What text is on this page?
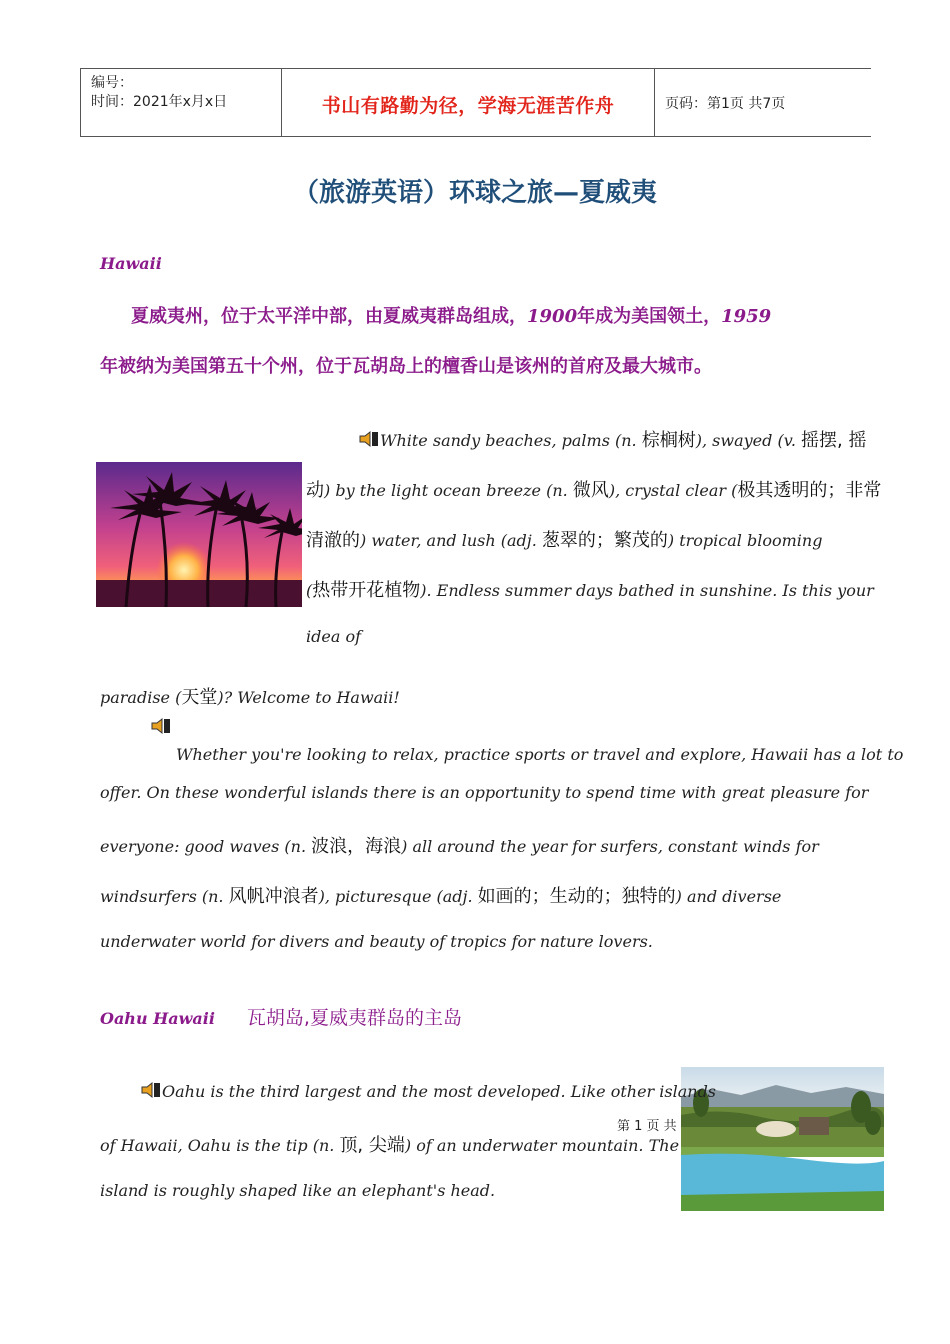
编号：
时间：2021年x月x日	书山有路勤为径，学海无涯苦作舟	页码：第1页 共7页
（旅游英语）环球之旅—夏威夷
Hawaii
夏威夷州，位于太平洋中部，由夏威夷群岛组成，1900年成为美国领土，1959
年被纳为美国第五十个州，位于瓦胡岛上的檀香山是该州的首府及最大城市。
White sandy beaches, palms (n. 棕榈树), swayed (v. 摇摆, 摇
动) by the light ocean breeze (n. 微风), crystal clear (极其透明的；非常
清澈的) water, and lush (adj. 葱翠的；繁茂的) tropical blooming
(热带开花植物). Endless summer days bathed in sunshine. Is this your
idea of
paradise (天堂)? Welcome to Hawaii!
Whether you're looking to relax, practice sports or travel and explore, Hawaii has a lot to
offer. On these wonderful islands there is an opportunity to spend time with great pleasure for
everyone: good waves (n. 波浪，海浪) all around the year for surfers, constant winds for
windsurfers (n. 风帆冲浪者), picturesque (adj. 如画的；生动的；独特的) and diverse
underwater world for divers and beauty of tropics for nature lovers.
Oahu Hawaii 瓦胡岛,夏威夷群岛的主岛
Oahu is the third largest and the most developed. Like other islands
第 1 页 共
of Hawaii, Oahu is the tip (n. 顶, 尖端) of an underwater mountain. The
island is roughly shaped like an elephant's head.
